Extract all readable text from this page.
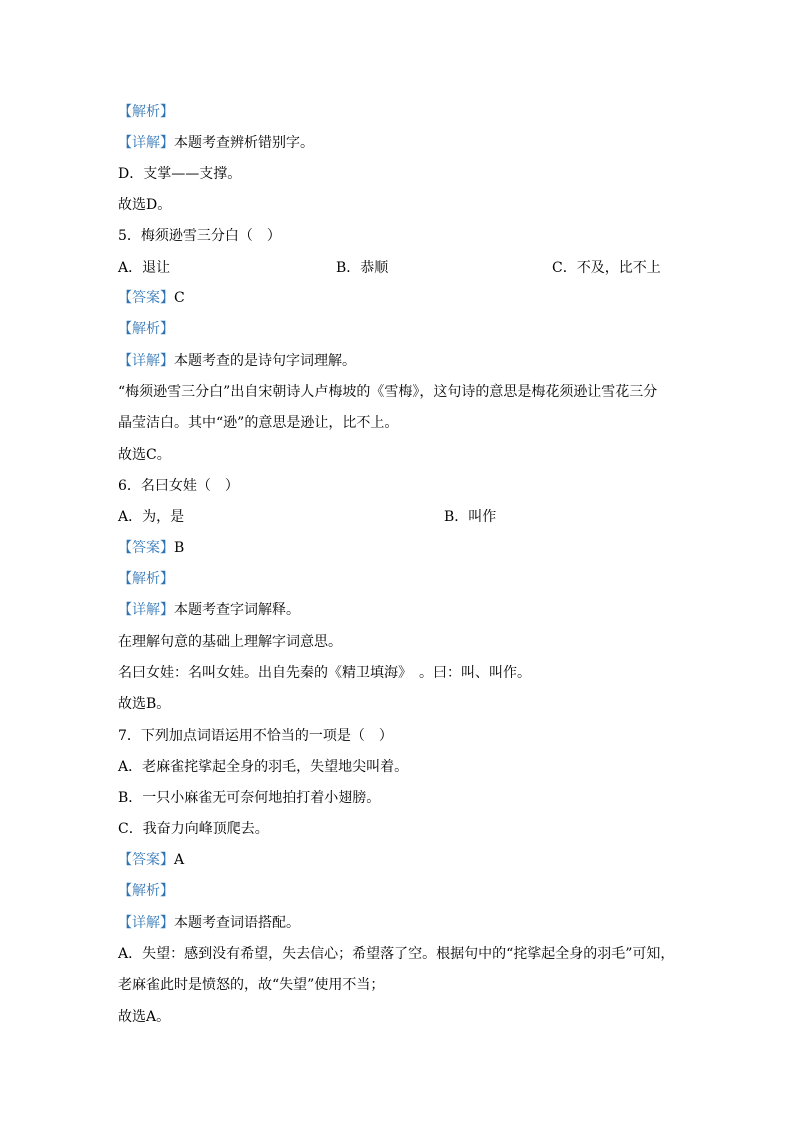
【解析】
【详解】本题考查辨析错别字。
D．支掌——支撑。
故选D。
5．梅须逊雪三分白（　）
A．退让	B．恭顺	C．不及，比不上
【答案】C
【解析】
【详解】本题考查的是诗句字词理解。
“梅须逊雪三分白”出自宋朝诗人卢梅坡的《雪梅》，这句诗的意思是梅花须逊让雪花三分
晶莹洁白。其中“逊”的意思是逊让，比不上。
故选C。
6．名曰女娃（　）
A．为，是	B．叫作
【答案】B
【解析】
【详解】本题考查字词解释。
在理解句意的基础上理解字词意思。
名曰女娃：名叫女娃。出自先秦的《精卫填海》　。曰：叫、叫作。
故选B。
7．下列加点词语运用不恰当的一项是（　）
A．老麻雀挓挲起全身的羽毛，失望地尖叫着。
B．一只小麻雀无可奈何地拍打着小翅膀。
C．我奋力向峰顶爬去。
【答案】A
【解析】
【详解】本题考查词语搭配。
A．失望：感到没有希望，失去信心；希望落了空。根据句中的“挓挲起全身的羽毛”可知，
老麻雀此时是愤怒的，故“失望”使用不当；
故选A。
